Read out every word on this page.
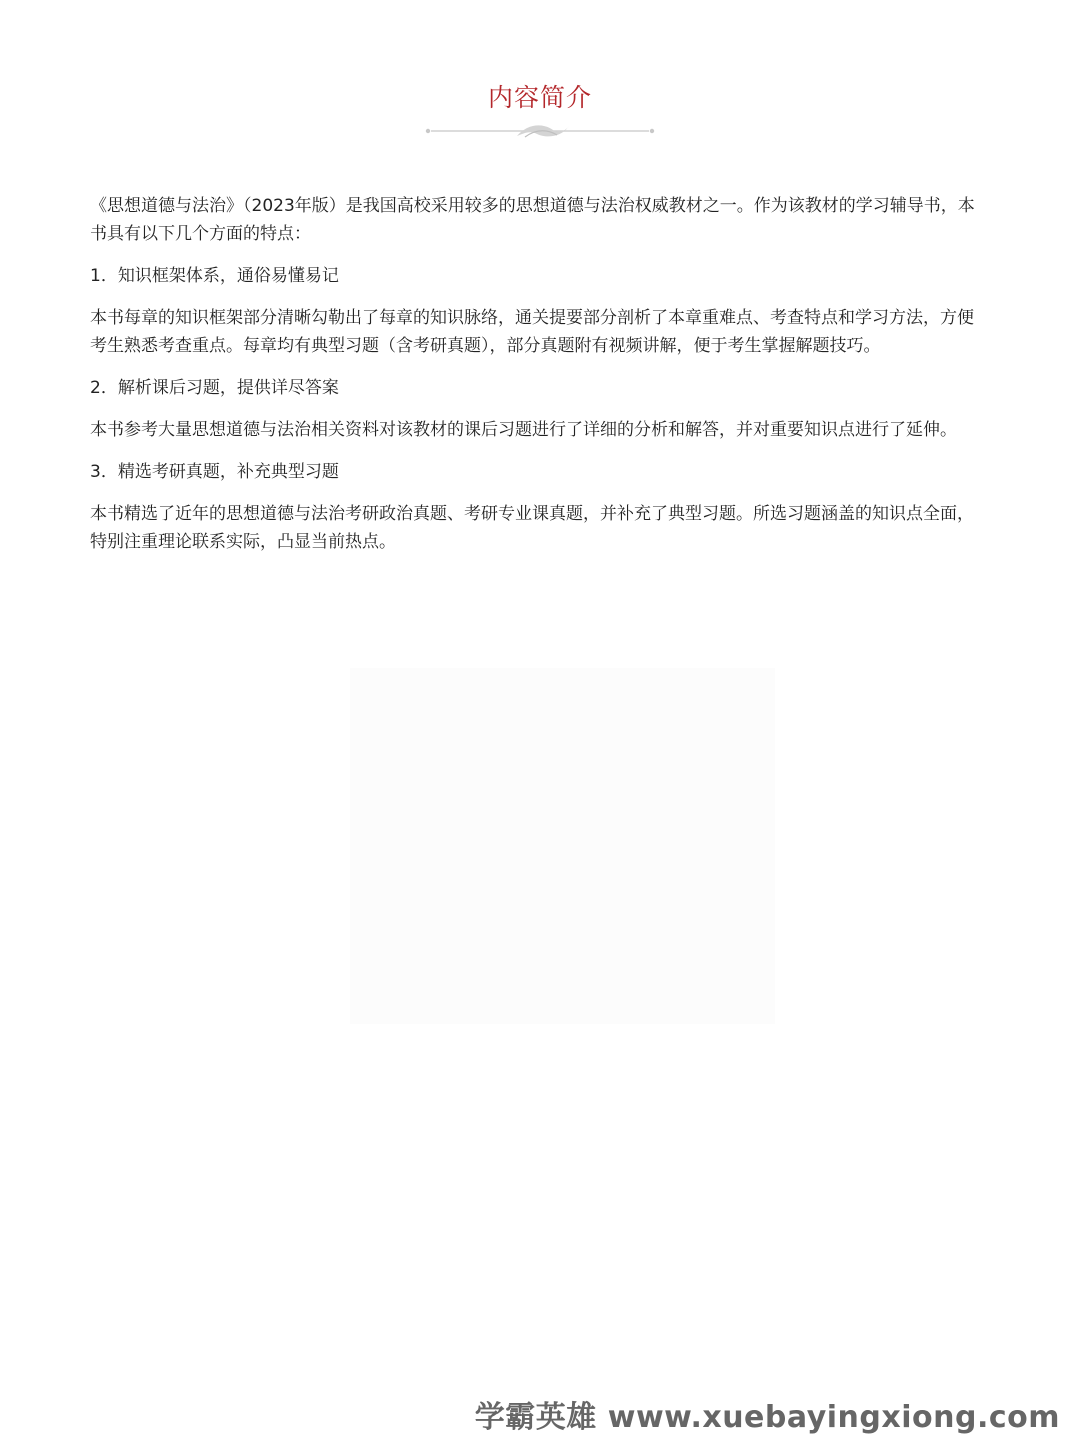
内容简介

《思想道德与法治》（2023年版）是我国高校采用较多的思想道德与法治权威教材之一。作为该教材的学习辅导书，本书具有以下几个方面的特点：

1．知识框架体系，通俗易懂易记

本书每章的知识框架部分清晰勾勒出了每章的知识脉络，通关提要部分剖析了本章重难点、考查特点和学习方法，方便考生熟悉考查重点。每章均有典型习题（含考研真题），部分真题附有视频讲解，便于考生掌握解题技巧。

2．解析课后习题，提供详尽答案

本书参考大量思想道德与法治相关资料对该教材的课后习题进行了详细的分析和解答，并对重要知识点进行了延伸。

3．精选考研真题，补充典型习题

本书精选了近年的思想道德与法治考研政治真题、考研专业课真题，并补充了典型习题。所选习题涵盖的知识点全面，特别注重理论联系实际，凸显当前热点。

学霸英雄 www.xuebayingxiong.com
